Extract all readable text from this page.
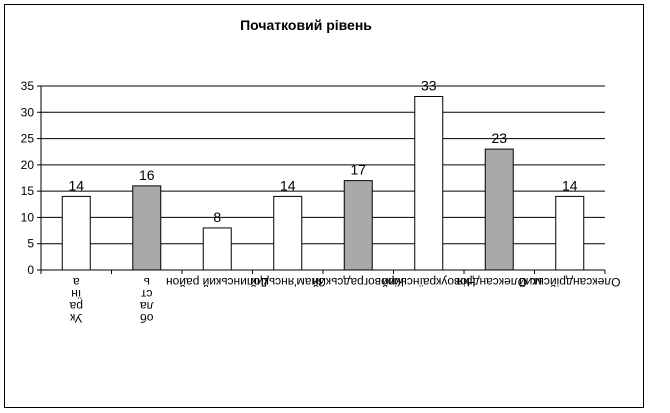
Початковий рівень
0
5
10
15
20
25
30
35
14
Ук
ра
їн
а
16
об
ла
ст
ь
8
Долинський район
14
Знам'янський
17
Кіровоградський
33
Новоукраїнський
23
м. Олександрія
14
Олександрійський
